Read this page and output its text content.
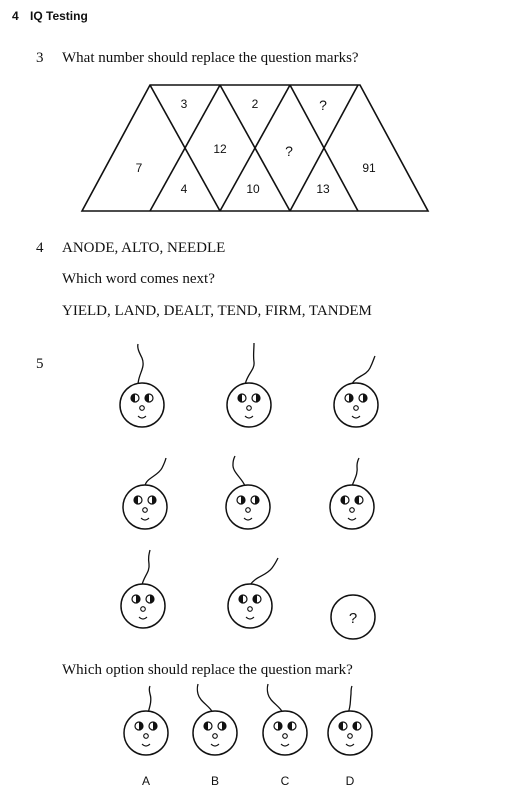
4 IQ Testing
3 What number should replace the question marks?
7
3
4
12
2
10
?
?
13
91
4 ANODE, ALTO, NEEDLE
Which word comes next?
YIELD, LAND, DEALT, TEND, FIRM, TANDEM
5
?
Which option should replace the question mark?
A	B	C	D
